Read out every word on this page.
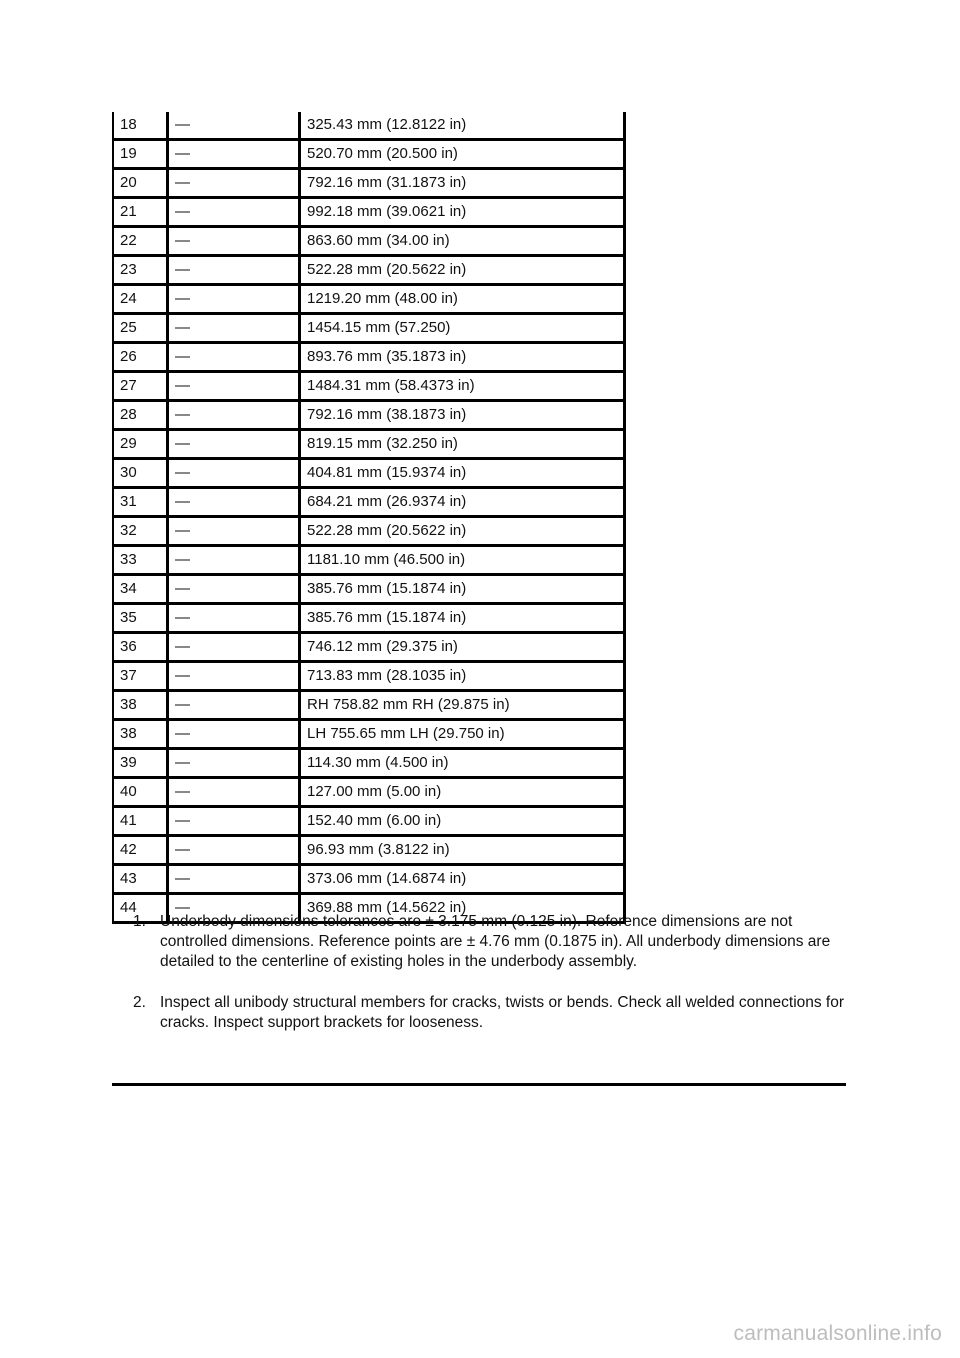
18	—	325.43 mm (12.8122 in)
19	—	520.70 mm (20.500 in)
20	—	792.16 mm (31.1873 in)
21	—	992.18 mm (39.0621 in)
22	—	863.60 mm (34.00 in)
23	—	522.28 mm (20.5622 in)
24	—	1219.20 mm (48.00 in)
25	—	1454.15 mm (57.250)
26	—	893.76 mm (35.1873 in)
27	—	1484.31 mm (58.4373 in)
28	—	792.16 mm (38.1873 in)
29	—	819.15 mm (32.250 in)
30	—	404.81 mm (15.9374 in)
31	—	684.21 mm (26.9374 in)
32	—	522.28 mm (20.5622 in)
33	—	1181.10 mm (46.500 in)
34	—	385.76 mm (15.1874 in)
35	—	385.76 mm (15.1874 in)
36	—	746.12 mm (29.375 in)
37	—	713.83 mm (28.1035 in)
38	—	RH 758.82 mm RH (29.875 in)
38	—	LH 755.65 mm LH (29.750 in)
39	—	114.30 mm (4.500 in)
40	—	127.00 mm (5.00 in)
41	—	152.40 mm (6.00 in)
42	—	96.93 mm (3.8122 in)
43	—	373.06 mm (14.6874 in)
44	—	369.88 mm (14.5622 in)
1. Underbody dimensions tolerances are ± 3.175 mm (0.125 in). Reference dimensions are not controlled dimensions. Reference points are ± 4.76 mm (0.1875 in). All underbody dimensions are detailed to the centerline of existing holes in the underbody assembly.
2. Inspect all unibody structural members for cracks, twists or bends. Check all welded connections for cracks. Inspect support brackets for looseness.
carmanualsonline.info
